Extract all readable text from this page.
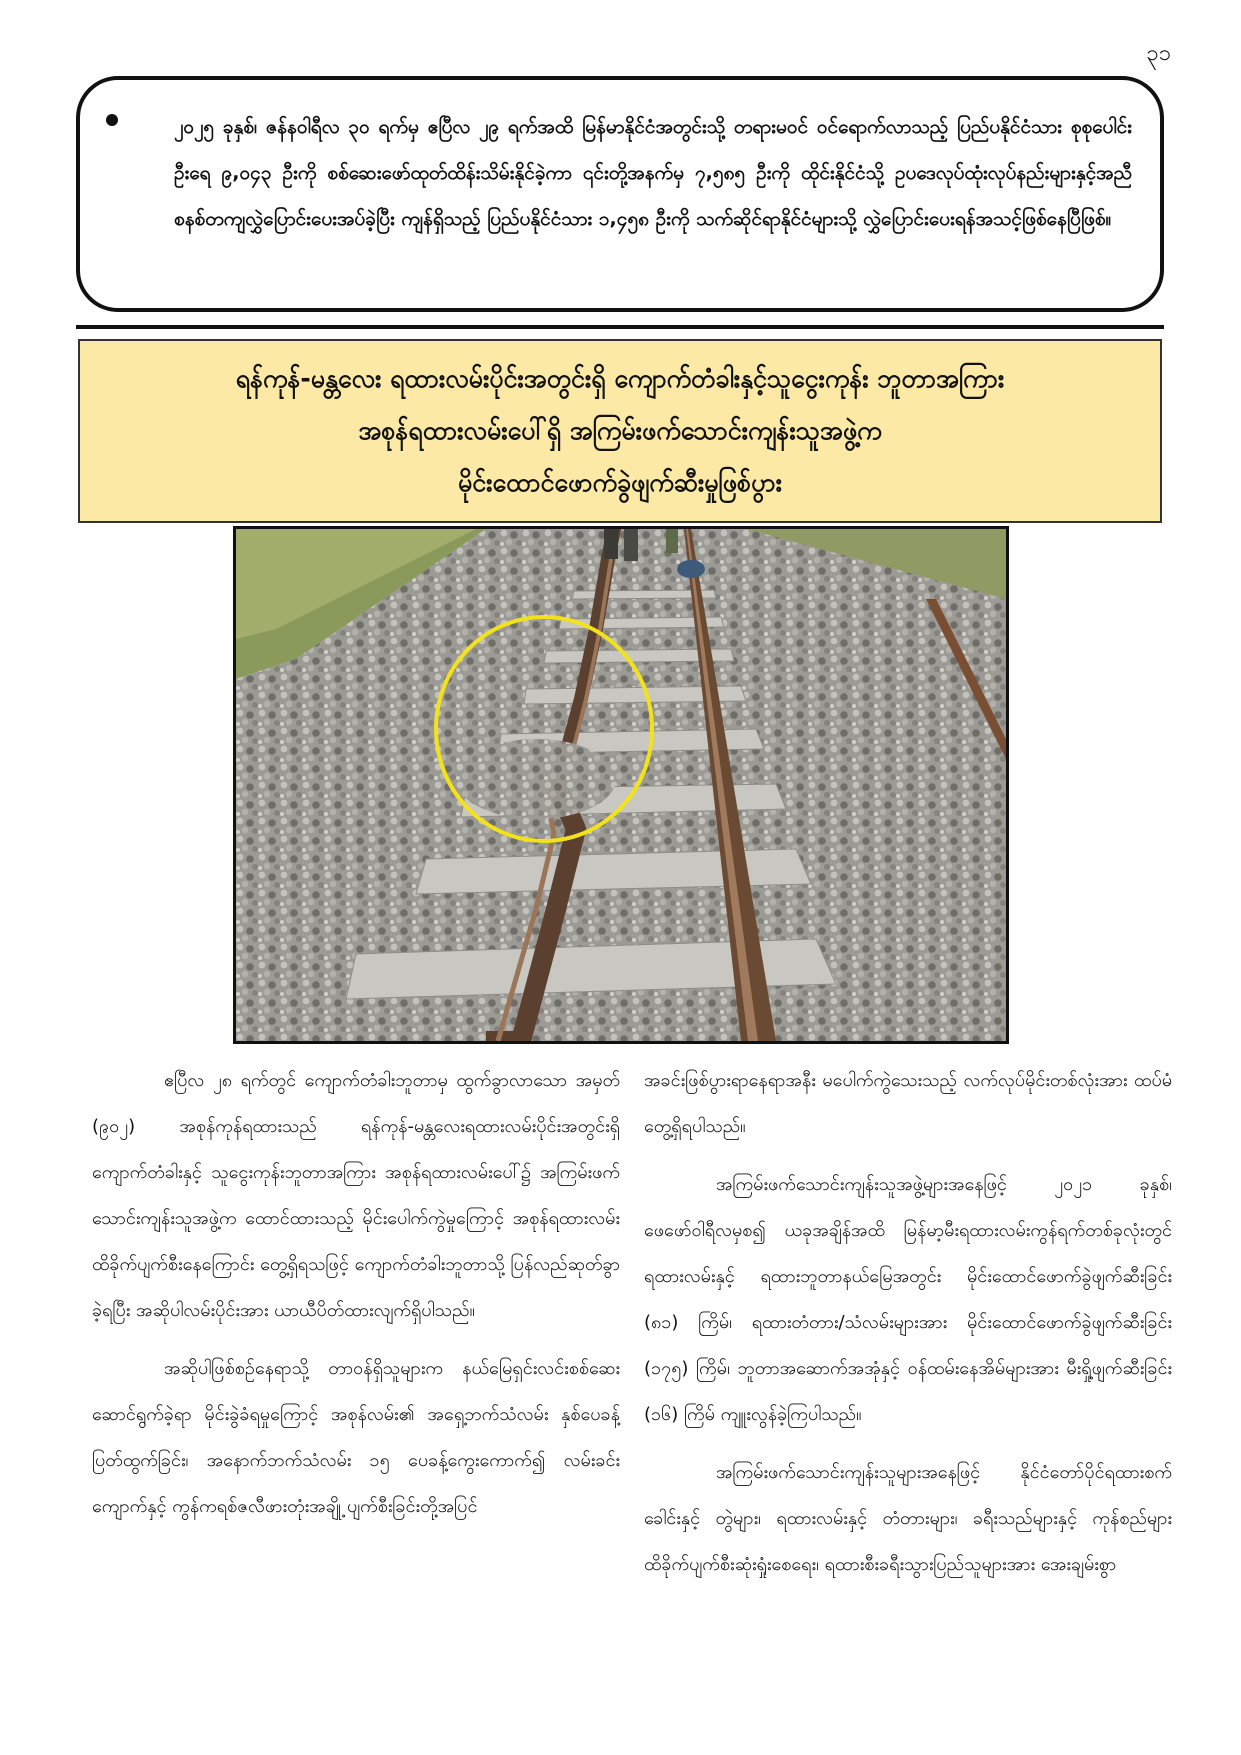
၃၁

၂၀၂၅ ခုနှစ်၊ ဇန်နဝါရီလ ၃၀ ရက်မှ ဧပြီလ ၂၉ ရက်အထိ မြန်မာနိုင်ငံအတွင်းသို့ တရားမဝင် ဝင်ရောက်လာသည့် ပြည်ပနိုင်ငံသား စုစုပေါင်းဦးရေ ၉,၀၄၃ ဦးကို စစ်ဆေးဖော်ထုတ်ထိန်းသိမ်းနိုင်ခဲ့ကာ ၎င်းတို့အနက်မှ ၇,၅၈၅ ဦးကို ထိုင်းနိုင်ငံသို့ ဥပဒေလုပ်ထုံးလုပ်နည်းများနှင့်အညီ စနစ်တကျလွှဲပြောင်းပေးအပ်ခဲ့ပြီး ကျန်ရှိသည့် ပြည်ပနိုင်ငံသား ၁,၄၅၈ ဦးကို သက်ဆိုင်ရာနိုင်ငံများသို့ လွှဲပြောင်းပေးရန်အသင့်ဖြစ်နေပြီဖြစ်။

ရန်ကုန်-မန္တလေး ရထားလမ်းပိုင်းအတွင်းရှိ ကျောက်တံခါးနှင့်သူငွေးကုန်း ဘူတာအကြား
အစုန်ရထားလမ်းပေါ်ရှိ အကြမ်းဖက်သောင်းကျန်းသူအဖွဲ့က
မိုင်းထောင်ဖောက်ခွဲဖျက်ဆီးမှုဖြစ်ပွား

ဧပြီလ ၂၈ ရက်တွင် ကျောက်တံခါးဘူတာမှ ထွက်ခွာလာသော အမှတ် (၉၀၂) အစုန်ကုန်ရထားသည် ရန်ကုန်-မန္တလေးရထားလမ်းပိုင်းအတွင်းရှိ ကျောက်တံခါးနှင့် သူငွေးကုန်းဘူတာအကြား အစုန်ရထားလမ်းပေါ်၌ အကြမ်းဖက်သောင်းကျန်းသူအဖွဲ့က ထောင်ထားသည့် မိုင်းပေါက်ကွဲမှုကြောင့် အစုန်ရထားလမ်းထိခိုက်ပျက်စီးနေကြောင်း တွေ့ရှိရသဖြင့် ကျောက်တံခါးဘူတာသို့ ပြန်လည်ဆုတ်ခွာခဲ့ရပြီး အဆိုပါလမ်းပိုင်းအား ယာယီပိတ်ထားလျက်ရှိပါသည်။

အဆိုပါဖြစ်စဉ်နေရာသို့ တာဝန်ရှိသူများက နယ်မြေရှင်းလင်းစစ်ဆေးဆောင်ရွက်ခဲ့ရာ မိုင်းခွဲခံရမှုကြောင့် အစုန်လမ်း၏ အရှေ့ဘက်သံလမ်း နှစ်ပေခန့်ပြတ်ထွက်ခြင်း၊ အနောက်ဘက်သံလမ်း ၁၅ ပေခန့်ကွေးကောက်၍ လမ်းခင်းကျောက်နှင့် ကွန်ကရစ်ဇလီဖားတုံးအချို့ ပျက်စီးခြင်းတို့အပြင်

အခင်းဖြစ်ပွားရာနေရာအနီး မပေါက်ကွဲသေးသည့် လက်လုပ်မိုင်းတစ်လုံးအား ထပ်မံတွေ့ရှိရပါသည်။

အကြမ်းဖက်သောင်းကျန်းသူအဖွဲ့များအနေဖြင့် ၂၀၂၁ ခုနှစ်၊ ဖေဖော်ဝါရီလမှစ၍ ယခုအချိန်အထိ မြန်မာ့မီးရထားလမ်းကွန်ရက်တစ်ခုလုံးတွင် ရထားလမ်းနှင့် ရထားဘူတာနယ်မြေအတွင်း မိုင်းထောင်ဖောက်ခွဲဖျက်ဆီးခြင်း (၈၁) ကြိမ်၊ ရထားတံတား/သံလမ်းများအား မိုင်းထောင်ဖောက်ခွဲဖျက်ဆီးခြင်း (၁၇၅) ကြိမ်၊ ဘူတာအဆောက်အအုံနှင့် ဝန်ထမ်းနေအိမ်များအား မီးရှို့ဖျက်ဆီးခြင်း (၁၆) ကြိမ် ကျူးလွန်ခဲ့ကြပါသည်။

အကြမ်းဖက်သောင်းကျန်းသူများအနေဖြင့် နိုင်ငံတော်ပိုင်ရထားစက်ခေါင်းနှင့် တွဲများ၊ ရထားလမ်းနှင့် တံတားများ၊ ခရီးသည်များနှင့် ကုန်စည်များ ထိခိုက်ပျက်စီးဆုံးရှုံးစေရေး၊ ရထားစီးခရီးသွားပြည်သူများအား အေးချမ်းစွာ
